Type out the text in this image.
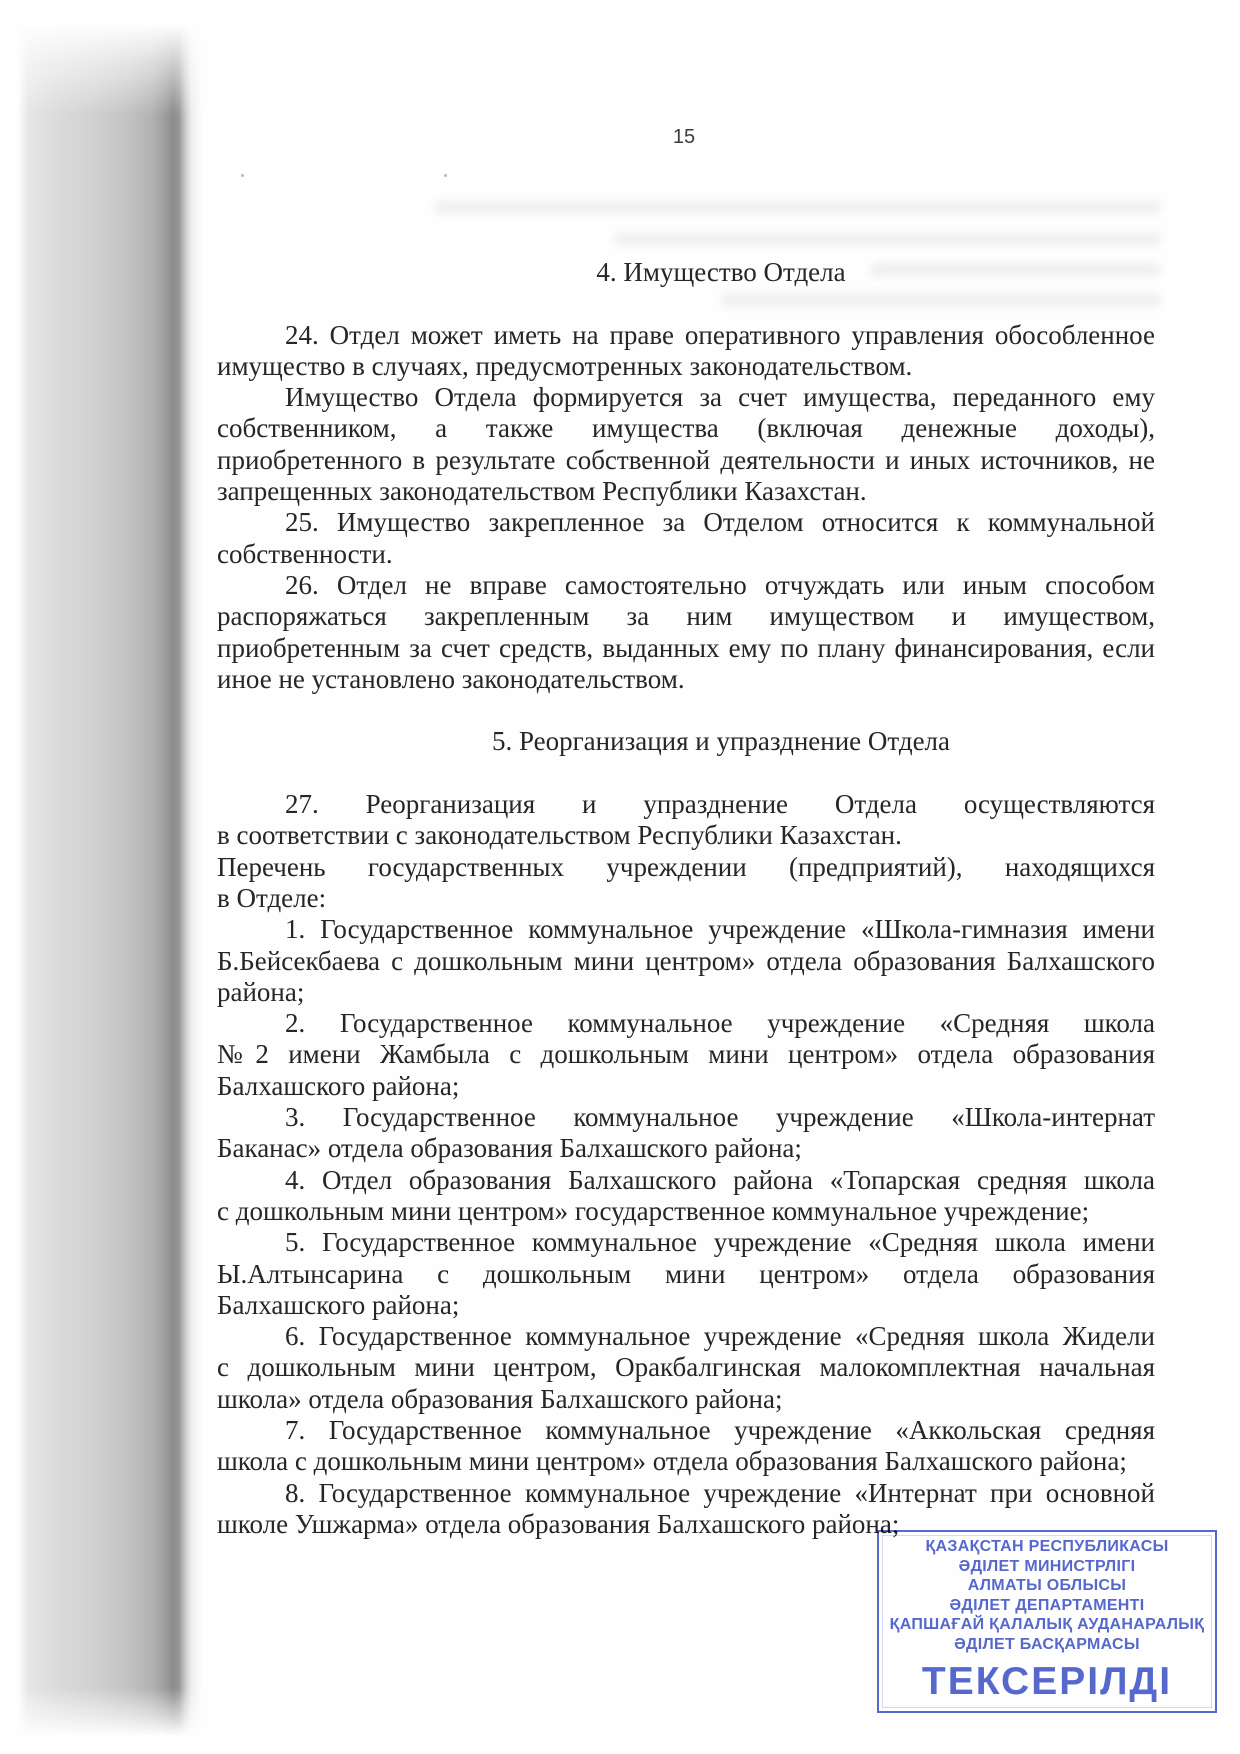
15
4. Имущество Отдела
24. Отдел может иметь на праве оперативного управления обособленное
имущество в случаях, предусмотренных законодательством.
Имущество Отдела формируется за счет имущества, переданного ему
собственником, а также имущества (включая денежные доходы),
приобретенного в результате собственной деятельности и иных источников, не
запрещенных законодательством Республики Казахстан.
25. Имущество закрепленное за Отделом относится к коммунальной
собственности.
26. Отдел не вправе самостоятельно отчуждать или иным способом
распоряжаться закрепленным за ним имуществом и имуществом,
приобретенным за счет средств, выданных ему по плану финансирования, если
иное не установлено законодательством.
5. Реорганизация и упразднение Отдела
27. Реорганизация и упразднение Отдела осуществляются
в соответствии с законодательством Республики Казахстан.
Перечень государственных учреждении (предприятий), находящихся
в Отделе:
1. Государственное коммунальное учреждение «Школа-гимназия имени
Б.Бейсекбаева с дошкольным мини центром» отдела образования Балхашского
района;
2. Государственное коммунальное учреждение «Средняя школа
№2 имени Жамбыла с дошкольным мини центром» отдела образования
Балхашского района;
3. Государственное коммунальное учреждение «Школа-интернат
Баканас» отдела образования Балхашского района;
4. Отдел образования Балхашского района «Топарская средняя школа
с дошкольным мини центром» государственное коммунальное учреждение;
5. Государственное коммунальное учреждение «Средняя школа имени
Ы.Алтынсарина с дошкольным мини центром» отдела образования
Балхашского района;
6. Государственное коммунальное учреждение «Средняя школа Жидели
с дошкольным мини центром, Оракбалгинская малокомплектная начальная
школа» отдела образования Балхашского района;
7. Государственное коммунальное учреждение «Аккольская средняя
школа с дошкольным мини центром» отдела образования Балхашского района;
8. Государственное коммунальное учреждение «Интернат при основной
школе Ушжарма» отдела образования Балхашского района;
ҚАЗАҚСТАН РЕСПУБЛИКАСЫ
ӘДІЛЕТ МИНИСТРЛІГІ
АЛМАТЫ ОБЛЫСЫ
ӘДІЛЕТ ДЕПАРТАМЕНТІ
ҚАПШАҒАЙ ҚАЛАЛЫҚ АУДАНАРАЛЫҚ
ӘДІЛЕТ БАСҚАРМАСЫ
ТЕКСЕРІЛДІ
